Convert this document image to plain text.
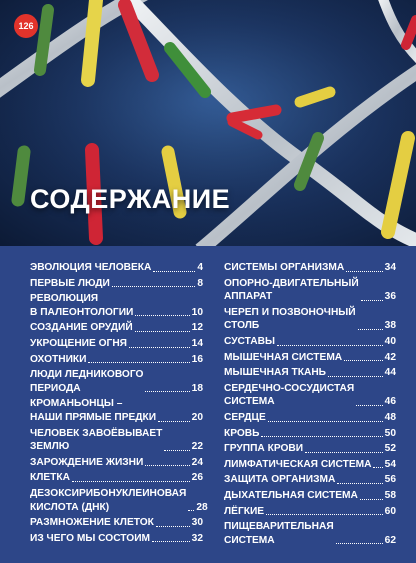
126
СОДЕРЖАНИЕ
ЭВОЛЮЦИЯ ЧЕЛОВЕКА	4
ПЕРВЫЕ ЛЮДИ	8
РЕВОЛЮЦИЯ
В ПАЛЕОНТОЛОГИИ	10
СОЗДАНИЕ ОРУДИЙ	12
УКРОЩЕНИЕ ОГНЯ	14
ОХОТНИКИ	16
ЛЮДИ ЛЕДНИКОВОГО
ПЕРИОДА	18
КРОМАНЬОНЦЫ –
НАШИ ПРЯМЫЕ ПРЕДКИ	20
ЧЕЛОВЕК ЗАВОЁВЫВАЕТ
ЗЕМЛЮ	22
ЗАРОЖДЕНИЕ ЖИЗНИ	24
КЛЕТКА	26
ДЕЗОКСИРИБОНУКЛЕИНОВАЯ
КИСЛОТА (ДНК)	28
РАЗМНОЖЕНИЕ КЛЕТОК	30
ИЗ ЧЕГО МЫ СОСТОИМ	32
СИСТЕМЫ ОРГАНИЗМА	34
ОПОРНО-ДВИГАТЕЛЬНЫЙ
АППАРАТ	36
ЧЕРЕП И ПОЗВОНОЧНЫЙ
СТОЛБ	38
СУСТАВЫ	40
МЫШЕЧНАЯ СИСТЕМА	42
МЫШЕЧНАЯ ТКАНЬ	44
СЕРДЕЧНО-СОСУДИСТАЯ
СИСТЕМА	46
СЕРДЦЕ	48
КРОВЬ	50
ГРУППА КРОВИ	52
ЛИМФАТИЧЕСКАЯ СИСТЕМА 54
ЗАЩИТА ОРГАНИЗМА	56
ДЫХАТЕЛЬНАЯ СИСТЕМА	58
ЛЁГКИЕ	60
ПИЩЕВАРИТЕЛЬНАЯ
СИСТЕМА	62
